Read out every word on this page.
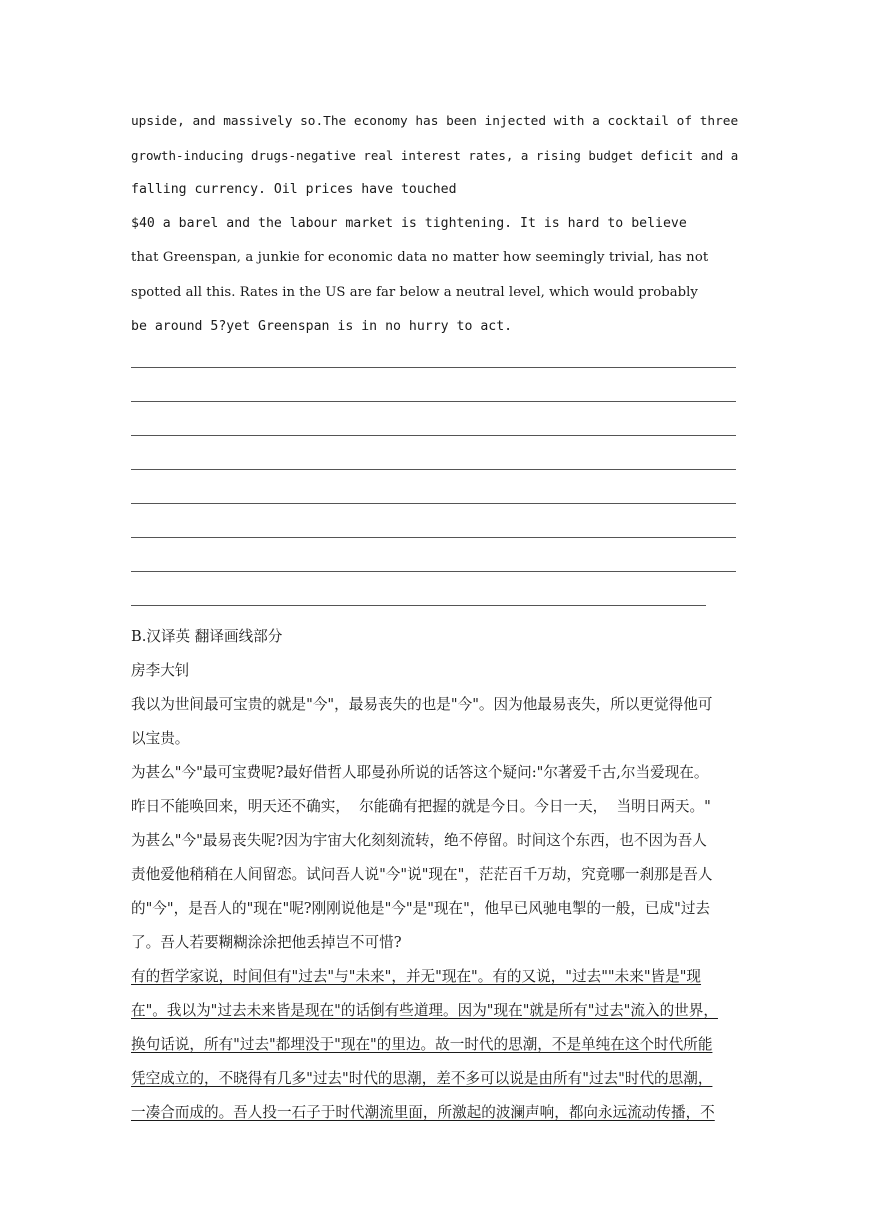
upside, and massively so.The economy has been injected with a cocktail of three
growth-inducing drugs-negative real interest rates, a rising budget deficit and a
falling currency. Oil prices have touched
$40 a barel and the labour market is tightening. It is hard to believe
that Greenspan, a junkie for economic data no matter how seemingly trivial, has not
spotted all this. Rates in the US are far below a neutral level, which would probably
be around 5?yet Greenspan is in no hurry to act.
B.汉译英 翻译画线部分
房李大钊
我以为世间最可宝贵的就是"今"，最易丧失的也是"今"。因为他最易丧失，所以更觉得他可
以宝贵。
为甚么"今"最可宝费呢?最好借哲人耶曼孙所说的话答这个疑问:"尔著爱千古,尔当爱现在。
昨日不能唤回来，明天还不确实，  尔能确有把握的就是今日。今日一天，  当明日两天。"
为甚么"今"最易丧失呢?因为宇宙大化刻刻流转，绝不停留。时间这个东西，也不因为吾人
责他爱他稍稍在人间留恋。试问吾人说"今"说"现在"，茫茫百千万劫，究竟哪一刹那是吾人
的"今"，是吾人的"现在"呢?刚刚说他是"今"是"现在"，他早已风驰电掣的一般，已成"过去
了。吾人若要糊糊涂涂把他丢掉岂不可惜?
有的哲学家说，时间但有"过去"与"未来"，并无"现在"。有的又说，"过去""未来"皆是"现
在"。我以为"过去未来皆是现在"的话倒有些道理。因为"现在"就是所有"过去"流入的世界，
换句话说，所有"过去"都埋没于"现在"的里边。故一时代的思潮，不是单纯在这个时代所能
凭空成立的，不晓得有几多"过去"时代的思潮，差不多可以说是由所有"过去"时代的思潮，
一凑合而成的。吾人投一石子于时代潮流里面，所激起的波澜声响，都向永远流动传播，不
